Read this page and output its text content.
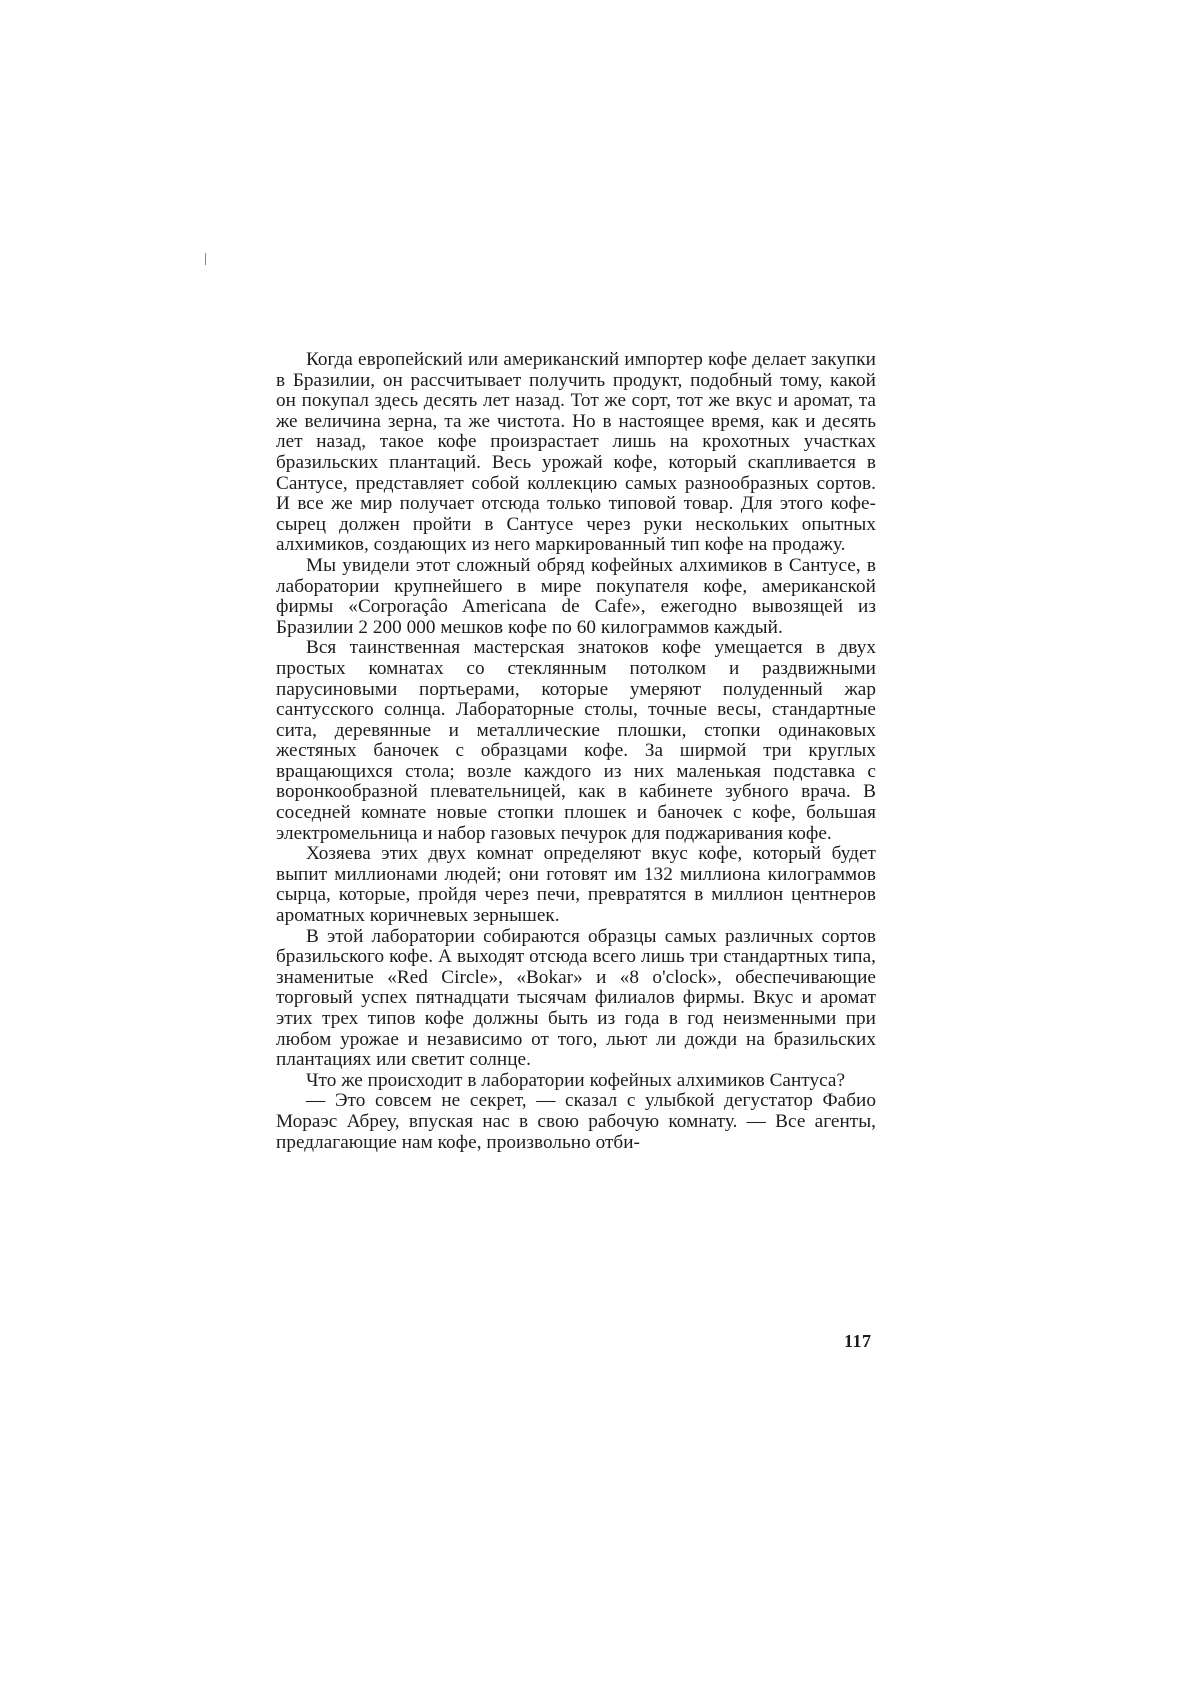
Когда европейский или американский импортер кофе делает закупки в Бразилии, он рассчитывает получить продукт, подобный тому, какой он покупал здесь десять лет назад. Тот же сорт, тот же вкус и аромат, та же величина зерна, та же чистота. Но в настоящее время, как и десять лет назад, такое кофе произрастает лишь на крохотных участках бразильских плантаций. Весь урожай кофе, который скапливается в Сантусе, представляет собой коллекцию самых разнообразных сортов. И все же мир получает отсюда только типовой товар. Для этого кофе-сырец должен пройти в Сантусе через руки нескольких опытных алхимиков, создающих из него маркированный тип кофе на продажу.

Мы увидели этот сложный обряд кофейных алхимиков в Сантусе, в лаборатории крупнейшего в мире покупателя кофе, американской фирмы «Corporaçâo Americana de Cafe», ежегодно вывозящей из Бразилии 2 200 000 мешков кофе по 60 килограммов каждый.

Вся таинственная мастерская знатоков кофе умещается в двух простых комнатах со стеклянным потолком и раздвижными парусиновыми портьерами, которые умеряют полуденный жар сантусского солнца. Лабораторные столы, точные весы, стандартные сита, деревянные и металлические плошки, стопки одинаковых жестяных баночек с образцами кофе. За ширмой три круглых вращающихся стола; возле каждого из них маленькая подставка с воронкообразной плевательницей, как в кабинете зубного врача. В соседней комнате новые стопки плошек и баночек с кофе, большая электромельница и набор газовых печурок для поджаривания кофе.

Хозяева этих двух комнат определяют вкус кофе, который будет выпит миллионами людей; они готовят им 132 миллиона килограммов сырца, которые, пройдя через печи, превратятся в миллион центнеров ароматных коричневых зернышек.

В этой лаборатории собираются образцы самых различных сортов бразильского кофе. А выходят отсюда всего лишь три стандартных типа, знаменитые «Red Circle», «Bokar» и «8 o'clock», обеспечивающие торговый успех пятнадцати тысячам филиалов фирмы. Вкус и аромат этих трех типов кофе должны быть из года в год неизменными при любом урожае и независимо от того, льют ли дожди на бразильских плантациях или светит солнце.

Что же происходит в лаборатории кофейных алхимиков Сантуса?

— Это совсем не секрет, — сказал с улыбкой дегустатор Фабио Мораэс Абреу, впуская нас в свою рабочую комнату. — Все агенты, предлагающие нам кофе, произвольно отби-

117
